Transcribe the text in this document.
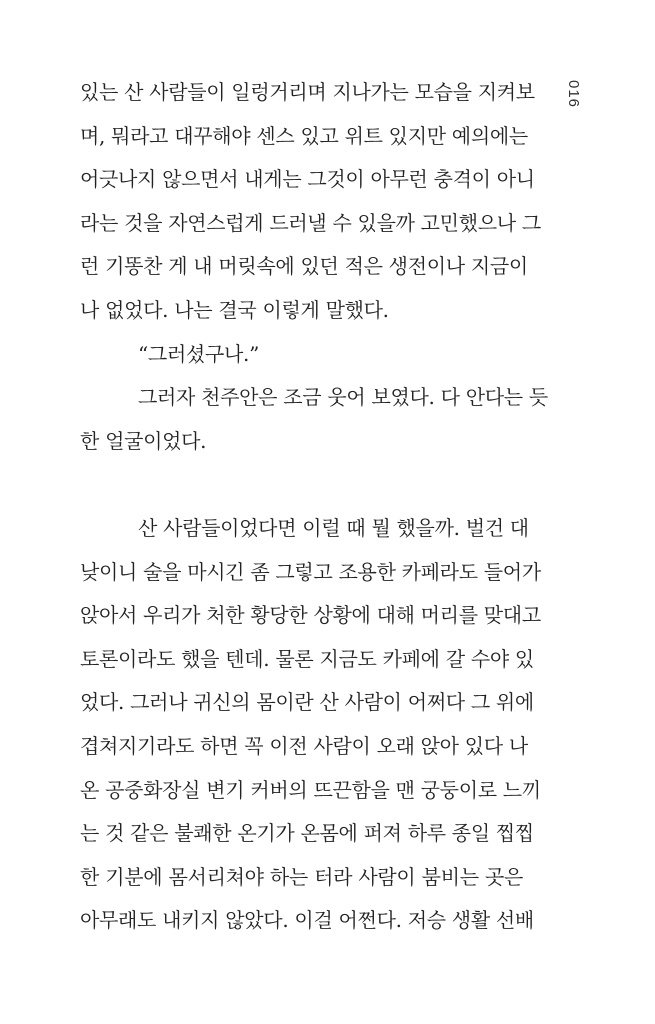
016
있는 산 사람들이 일렁거리며 지나가는 모습을 지켜보
며, 뭐라고 대꾸해야 센스 있고 위트 있지만 예의에는
어긋나지 않으면서 내게는 그것이 아무런 충격이 아니
라는 것을 자연스럽게 드러낼 수 있을까 고민했으나 그
런 기똥찬 게 내 머릿속에 있던 적은 생전이나 지금이
나 없었다. 나는 결국 이렇게 말했다.
“그러셨구나.”
그러자 천주안은 조금 웃어 보였다. 다 안다는 듯
한 얼굴이었다.
산 사람들이었다면 이럴 때 뭘 했을까. 벌건 대
낮이니 술을 마시긴 좀 그렇고 조용한 카페라도 들어가
앉아서 우리가 처한 황당한 상황에 대해 머리를 맞대고
토론이라도 했을 텐데. 물론 지금도 카페에 갈 수야 있
었다. 그러나 귀신의 몸이란 산 사람이 어쩌다 그 위에
겹쳐지기라도 하면 꼭 이전 사람이 오래 앉아 있다 나
온 공중화장실 변기 커버의 뜨끈함을 맨 궁둥이로 느끼
는 것 같은 불쾌한 온기가 온몸에 퍼져 하루 종일 찝찝
한 기분에 몸서리쳐야 하는 터라 사람이 붐비는 곳은
아무래도 내키지 않았다. 이걸 어쩐다. 저승 생활 선배
